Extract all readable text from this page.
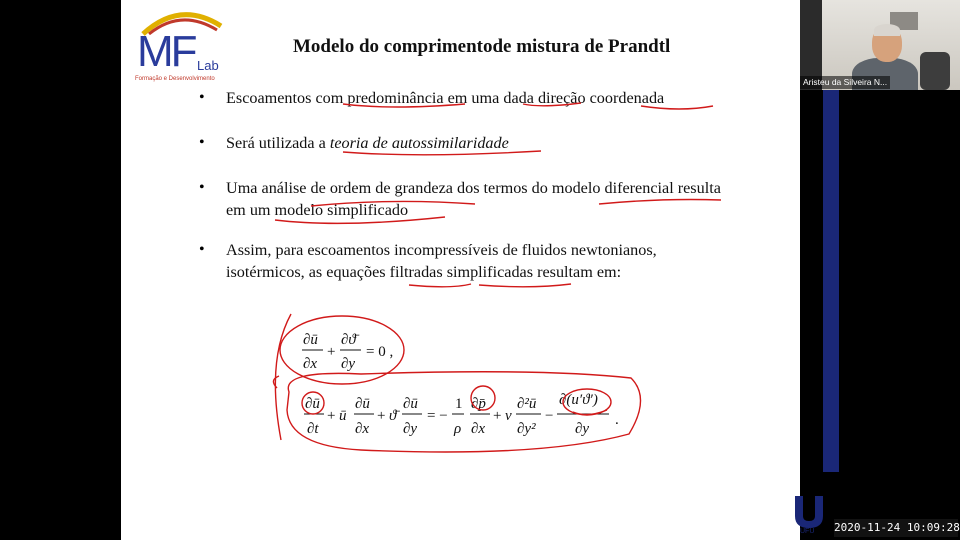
MF Lab
Formação e Desenvolvimento
Modelo do comprimentode mistura de Prandtl
• Escoamentos com predominância em uma dada direção coordenada
• Será utilizada a teoria de autossimilaridade
• Uma análise de ordem de grandeza dos termos do modelo diferencial resulta
em um modelo simplificado
• Assim, para escoamentos incompressíveis de fluidos newtonianos,
isotérmicos, as equações filtradas simplificadas resultam em:
∂ū
∂x
+
∂ϑ̄
∂y
= 0 ,
∂ū
∂t
+ ū
∂ū
∂x
+ ϑ̄
∂ū
∂y
= −
1
ρ
∂p̄
∂x
+ ν
∂²ū
∂y²
−
∂(u′ϑ′)
∂y
.
Aristeu da Silveira N...
UFU 2020-11-24 10:09:28
